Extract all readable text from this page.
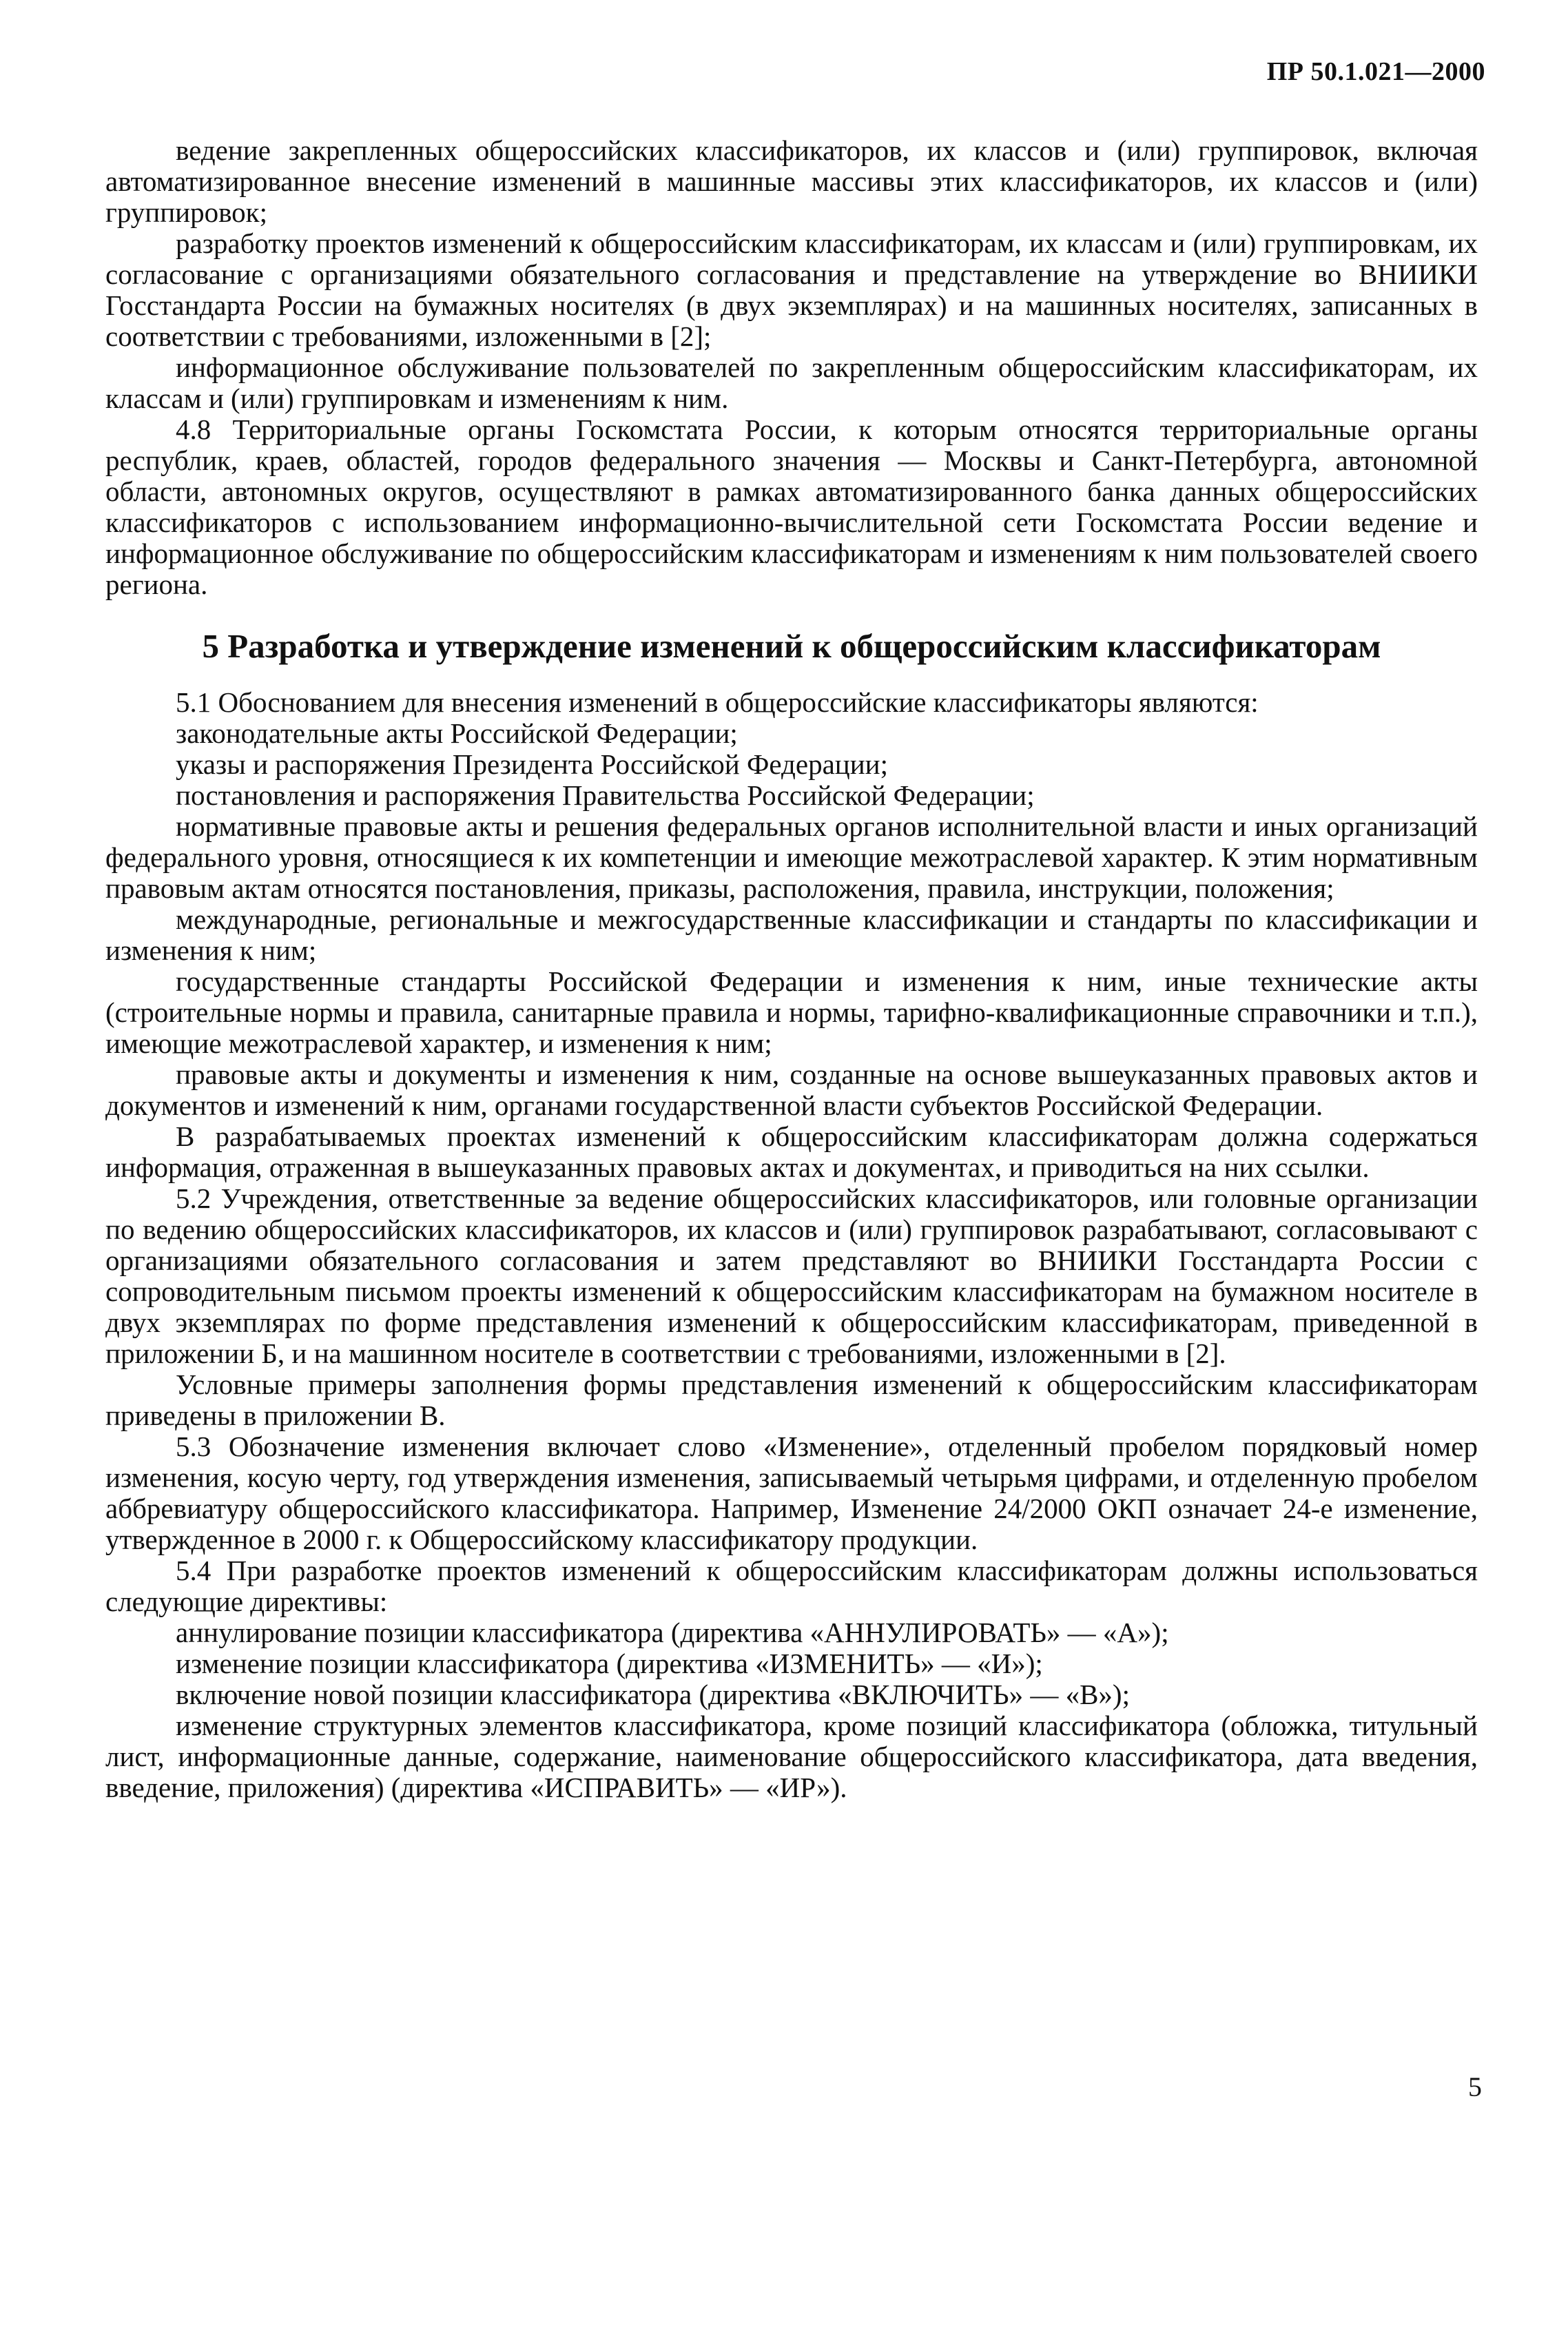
ПР 50.1.021—2000

ведение закрепленных общероссийских классификаторов, их классов и (или) группировок, включая автоматизированное внесение изменений в машинные массивы этих классификаторов, их классов и (или) группировок;

разработку проектов изменений к общероссийским классификаторам, их классам и (или) группировкам, их согласование с организациями обязательного согласования и представление на утверждение во ВНИИКИ Госстандарта России на бумажных носителях (в двух экземплярах) и на машинных носителях, записанных в соответствии с требованиями, изложенными в [2];

информационное обслуживание пользователей по закрепленным общероссийским классификаторам, их классам и (или) группировкам и изменениям к ним.

4.8 Территориальные органы Госкомстата России, к которым относятся территориальные органы республик, краев, областей, городов федерального значения — Москвы и Санкт-Петербурга, автономной области, автономных округов, осуществляют в рамках автоматизированного банка данных общероссийских классификаторов с использованием информационно-вычислительной сети Госкомстата России ведение и информационное обслуживание по общероссийским классификаторам и изменениям к ним пользователей своего региона.

5 Разработка и утверждение изменений к общероссийским классификаторам

5.1 Обоснованием для внесения изменений в общероссийские классификаторы являются:

законодательные акты Российской Федерации;

указы и распоряжения Президента Российской Федерации;

постановления и распоряжения Правительства Российской Федерации;

нормативные правовые акты и решения федеральных органов исполнительной власти и иных организаций федерального уровня, относящиеся к их компетенции и имеющие межотраслевой характер. К этим нормативным правовым актам относятся постановления, приказы, расположения, правила, инструкции, положения;

международные, региональные и межгосударственные классификации и стандарты по классификации и изменения к ним;

государственные стандарты Российской Федерации и изменения к ним, иные технические акты (строительные нормы и правила, санитарные правила и нормы, тарифно-квалификационные справочники и т.п.), имеющие межотраслевой характер, и изменения к ним;

правовые акты и документы и изменения к ним, созданные на основе вышеуказанных правовых актов и документов и изменений к ним, органами государственной власти субъектов Российской Федерации.

В разрабатываемых проектах изменений к общероссийским классификаторам должна содержаться информация, отраженная в вышеуказанных правовых актах и документах, и приводиться на них ссылки.

5.2 Учреждения, ответственные за ведение общероссийских классификаторов, или головные организации по ведению общероссийских классификаторов, их классов и (или) группировок разрабатывают, согласовывают с организациями обязательного согласования и затем представляют во ВНИИКИ Госстандарта России с сопроводительным письмом проекты изменений к общероссийским классификаторам на бумажном носителе в двух экземплярах по форме представления изменений к общероссийским классификаторам, приведенной в приложении Б, и на машинном носителе в соответствии с требованиями, изложенными в [2].

Условные примеры заполнения формы представления изменений к общероссийским классификаторам приведены в приложении В.

5.3 Обозначение изменения включает слово «Изменение», отделенный пробелом порядковый номер изменения, косую черту, год утверждения изменения, записываемый четырьмя цифрами, и отделенную пробелом аббревиатуру общероссийского классификатора. Например, Изменение 24/2000 ОКП означает 24-е изменение, утвержденное в 2000 г. к Общероссийскому классификатору продукции.

5.4 При разработке проектов изменений к общероссийским классификаторам должны использоваться следующие директивы:

аннулирование позиции классификатора (директива «АННУЛИРОВАТЬ» — «А»);

изменение позиции классификатора (директива «ИЗМЕНИТЬ» — «И»);

включение новой позиции классификатора (директива «ВКЛЮЧИТЬ» — «В»);

изменение структурных элементов классификатора, кроме позиций классификатора (обложка, титульный лист, информационные данные, содержание, наименование общероссийского классификатора, дата введения, введение, приложения) (директива «ИСПРАВИТЬ» — «ИР»).

5
